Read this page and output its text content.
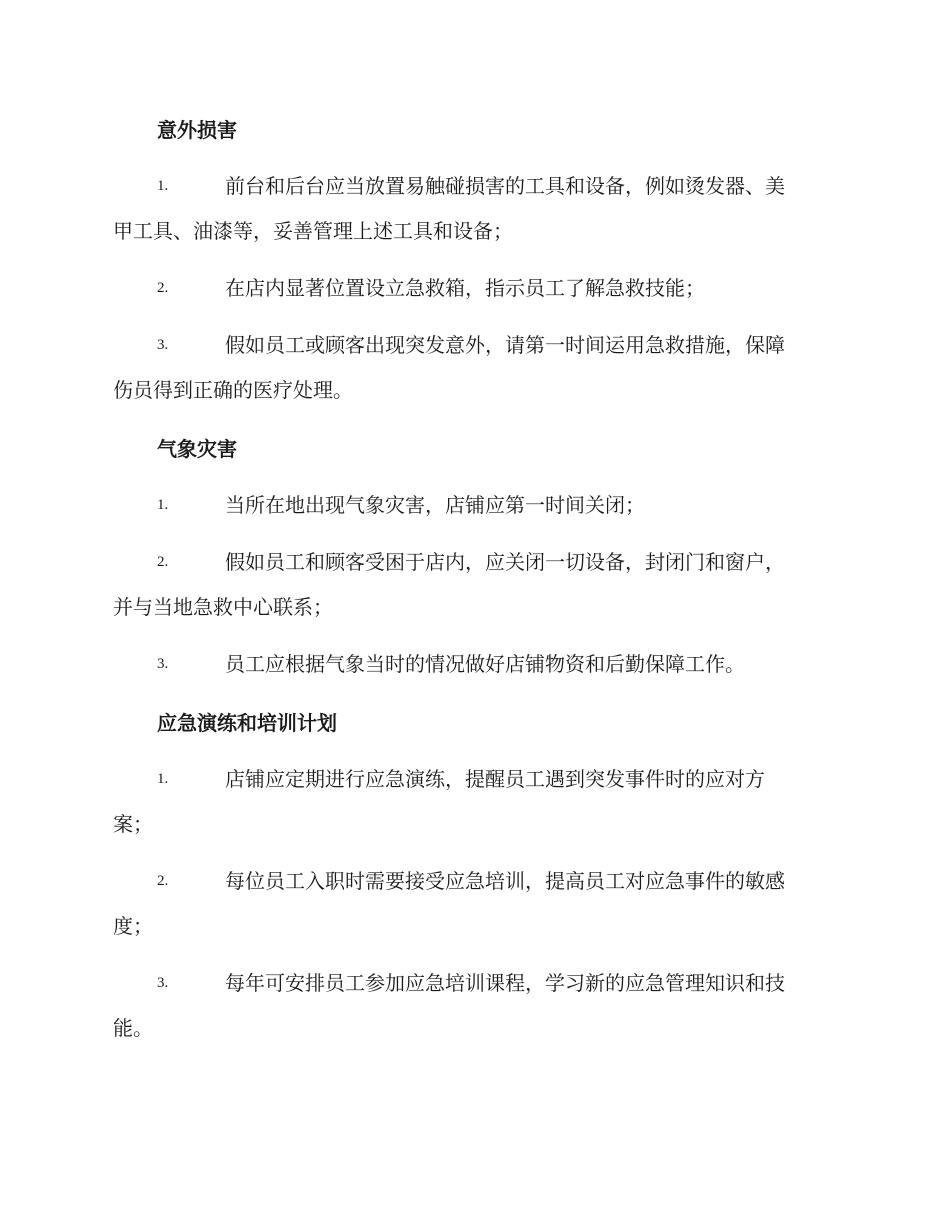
意外损害
1.	前台和后台应当放置易触碰损害的工具和设备，例如烫发器、美
甲工具、油漆等，妥善管理上述工具和设备；
2.	在店内显著位置设立急救箱，指示员工了解急救技能；
3.	假如员工或顾客出现突发意外，请第一时间运用急救措施，保障
伤员得到正确的医疗处理。
气象灾害
1.	当所在地出现气象灾害，店铺应第一时间关闭；
2.	假如员工和顾客受困于店内，应关闭一切设备，封闭门和窗户，
并与当地急救中心联系；
3.	员工应根据气象当时的情况做好店铺物资和后勤保障工作。
应急演练和培训计划
1.	店铺应定期进行应急演练，提醒员工遇到突发事件时的应对方
案；
2.	每位员工入职时需要接受应急培训，提高员工对应急事件的敏感
度；
3.	每年可安排员工参加应急培训课程，学习新的应急管理知识和技
能。
